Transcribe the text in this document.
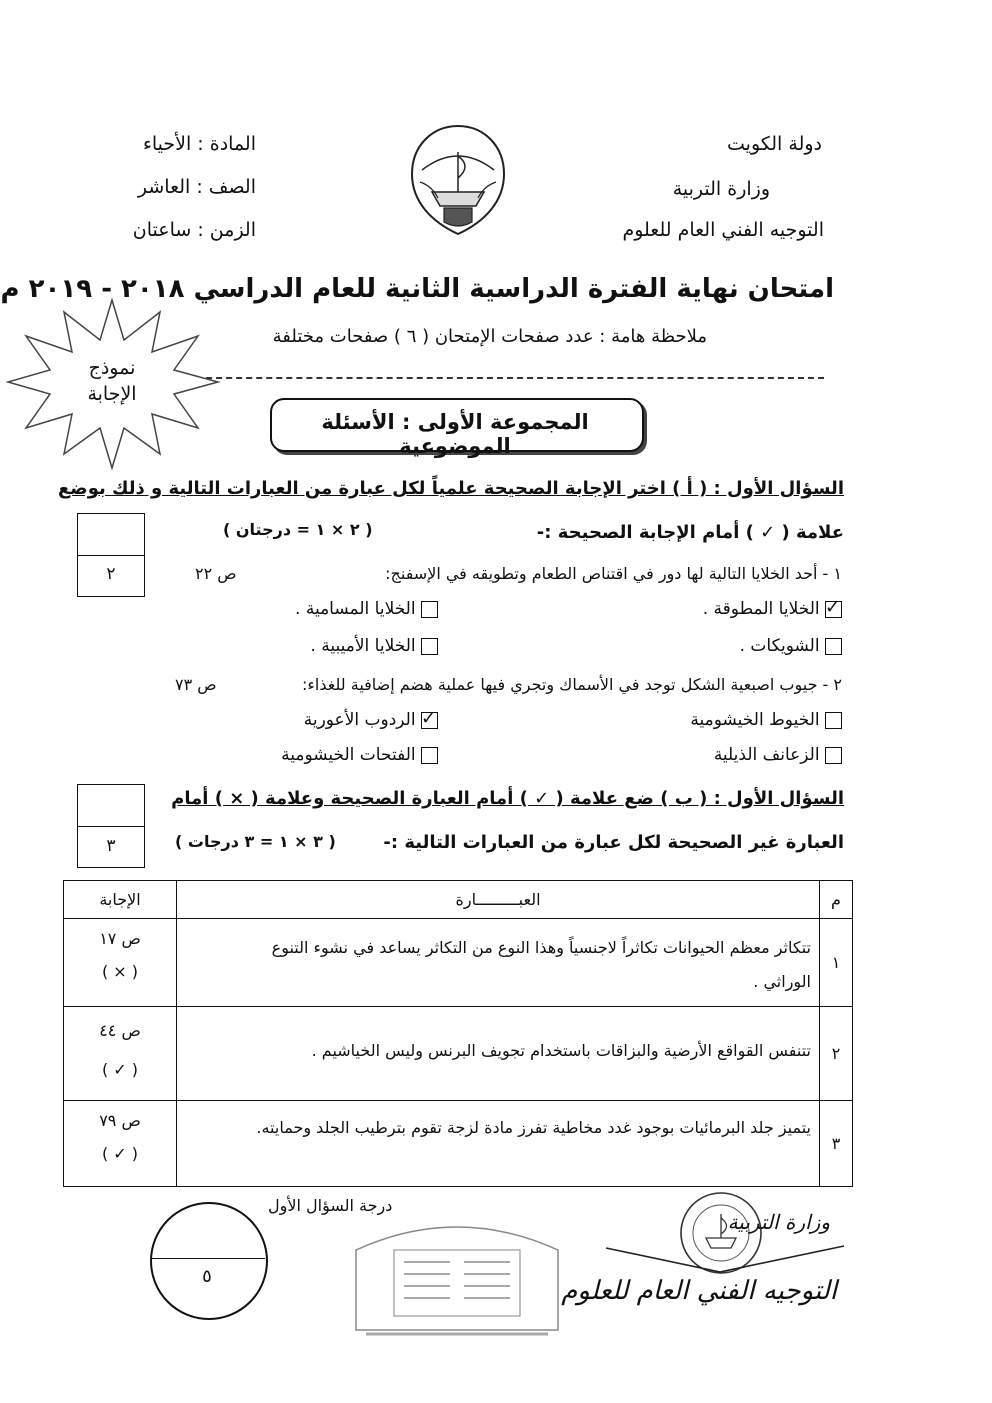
دولة الكويت
وزارة التربية
التوجيه الفني العام للعلوم
المادة : الأحياء
الصف : العاشر
الزمن : ساعتان
امتحان نهاية الفترة الدراسية الثانية للعام الدراسي ٢٠١٨ - ٢٠١٩ م
ملاحظة هامة : عدد صفحات الإمتحان ( ٦ ) صفحات مختلفة
نموذج الإجابة
المجموعة الأولى : الأسئلة الموضوعية
السؤال الأول : ( أ ) اختر الإجابة الصحيحة علمياً لكل عبارة من العبارات التالية و ذلك بوضع
علامة ( ✓ ) أمام الإجابة الصحيحة :-
( ٢ × ١ = درجتان )
٢	١ - أحد الخلايا التالية لها دور في اقتناص الطعام وتطويقه في الإسفنج:
ص ٢٢
✓ الخلايا المطوقة .
الخلايا المسامية .
الشويكات .
الخلايا الأميبية .
٢ - جيوب اصبعية الشكل توجد في الأسماك وتجري فيها عملية هضم إضافية للغذاء:
ص ٧٣
الخيوط الخيشومية
✓ الردوب الأعورية
الزعانف الذيلية
الفتحات الخيشومية
السؤال الأول : ( ب ) ضع علامة ( ✓ ) أمام العبارة الصحيحة وعلامة ( × ) أمام
العبارة غير الصحيحة لكل عبارة من العبارات التالية :-
( ٣ × ١ = ٣ درجات )
٣
م	العبـــــــــارة	الإجابة
١	تتكاثر معظم الحيوانات تكاثراً لاجنسياً وهذا النوع من التكاثر يساعد في نشوء التنوع الوراثي .	ص ١٧
( × )

٢	تتنفس القواقع الأرضية والبزاقات باستخدام تجويف البرنس وليس الخياشيم .	ص ٤٤
( ✓ )

٣	يتميز جلد البرمائيات بوجود غدد مخاطية تفرز مادة لزجة تقوم بترطيب الجلد وحمايته.	ص ٧٩
( ✓ )
٥
درجة السؤال الأول
وزارة التربية
التوجيه الفني العام للعلوم
